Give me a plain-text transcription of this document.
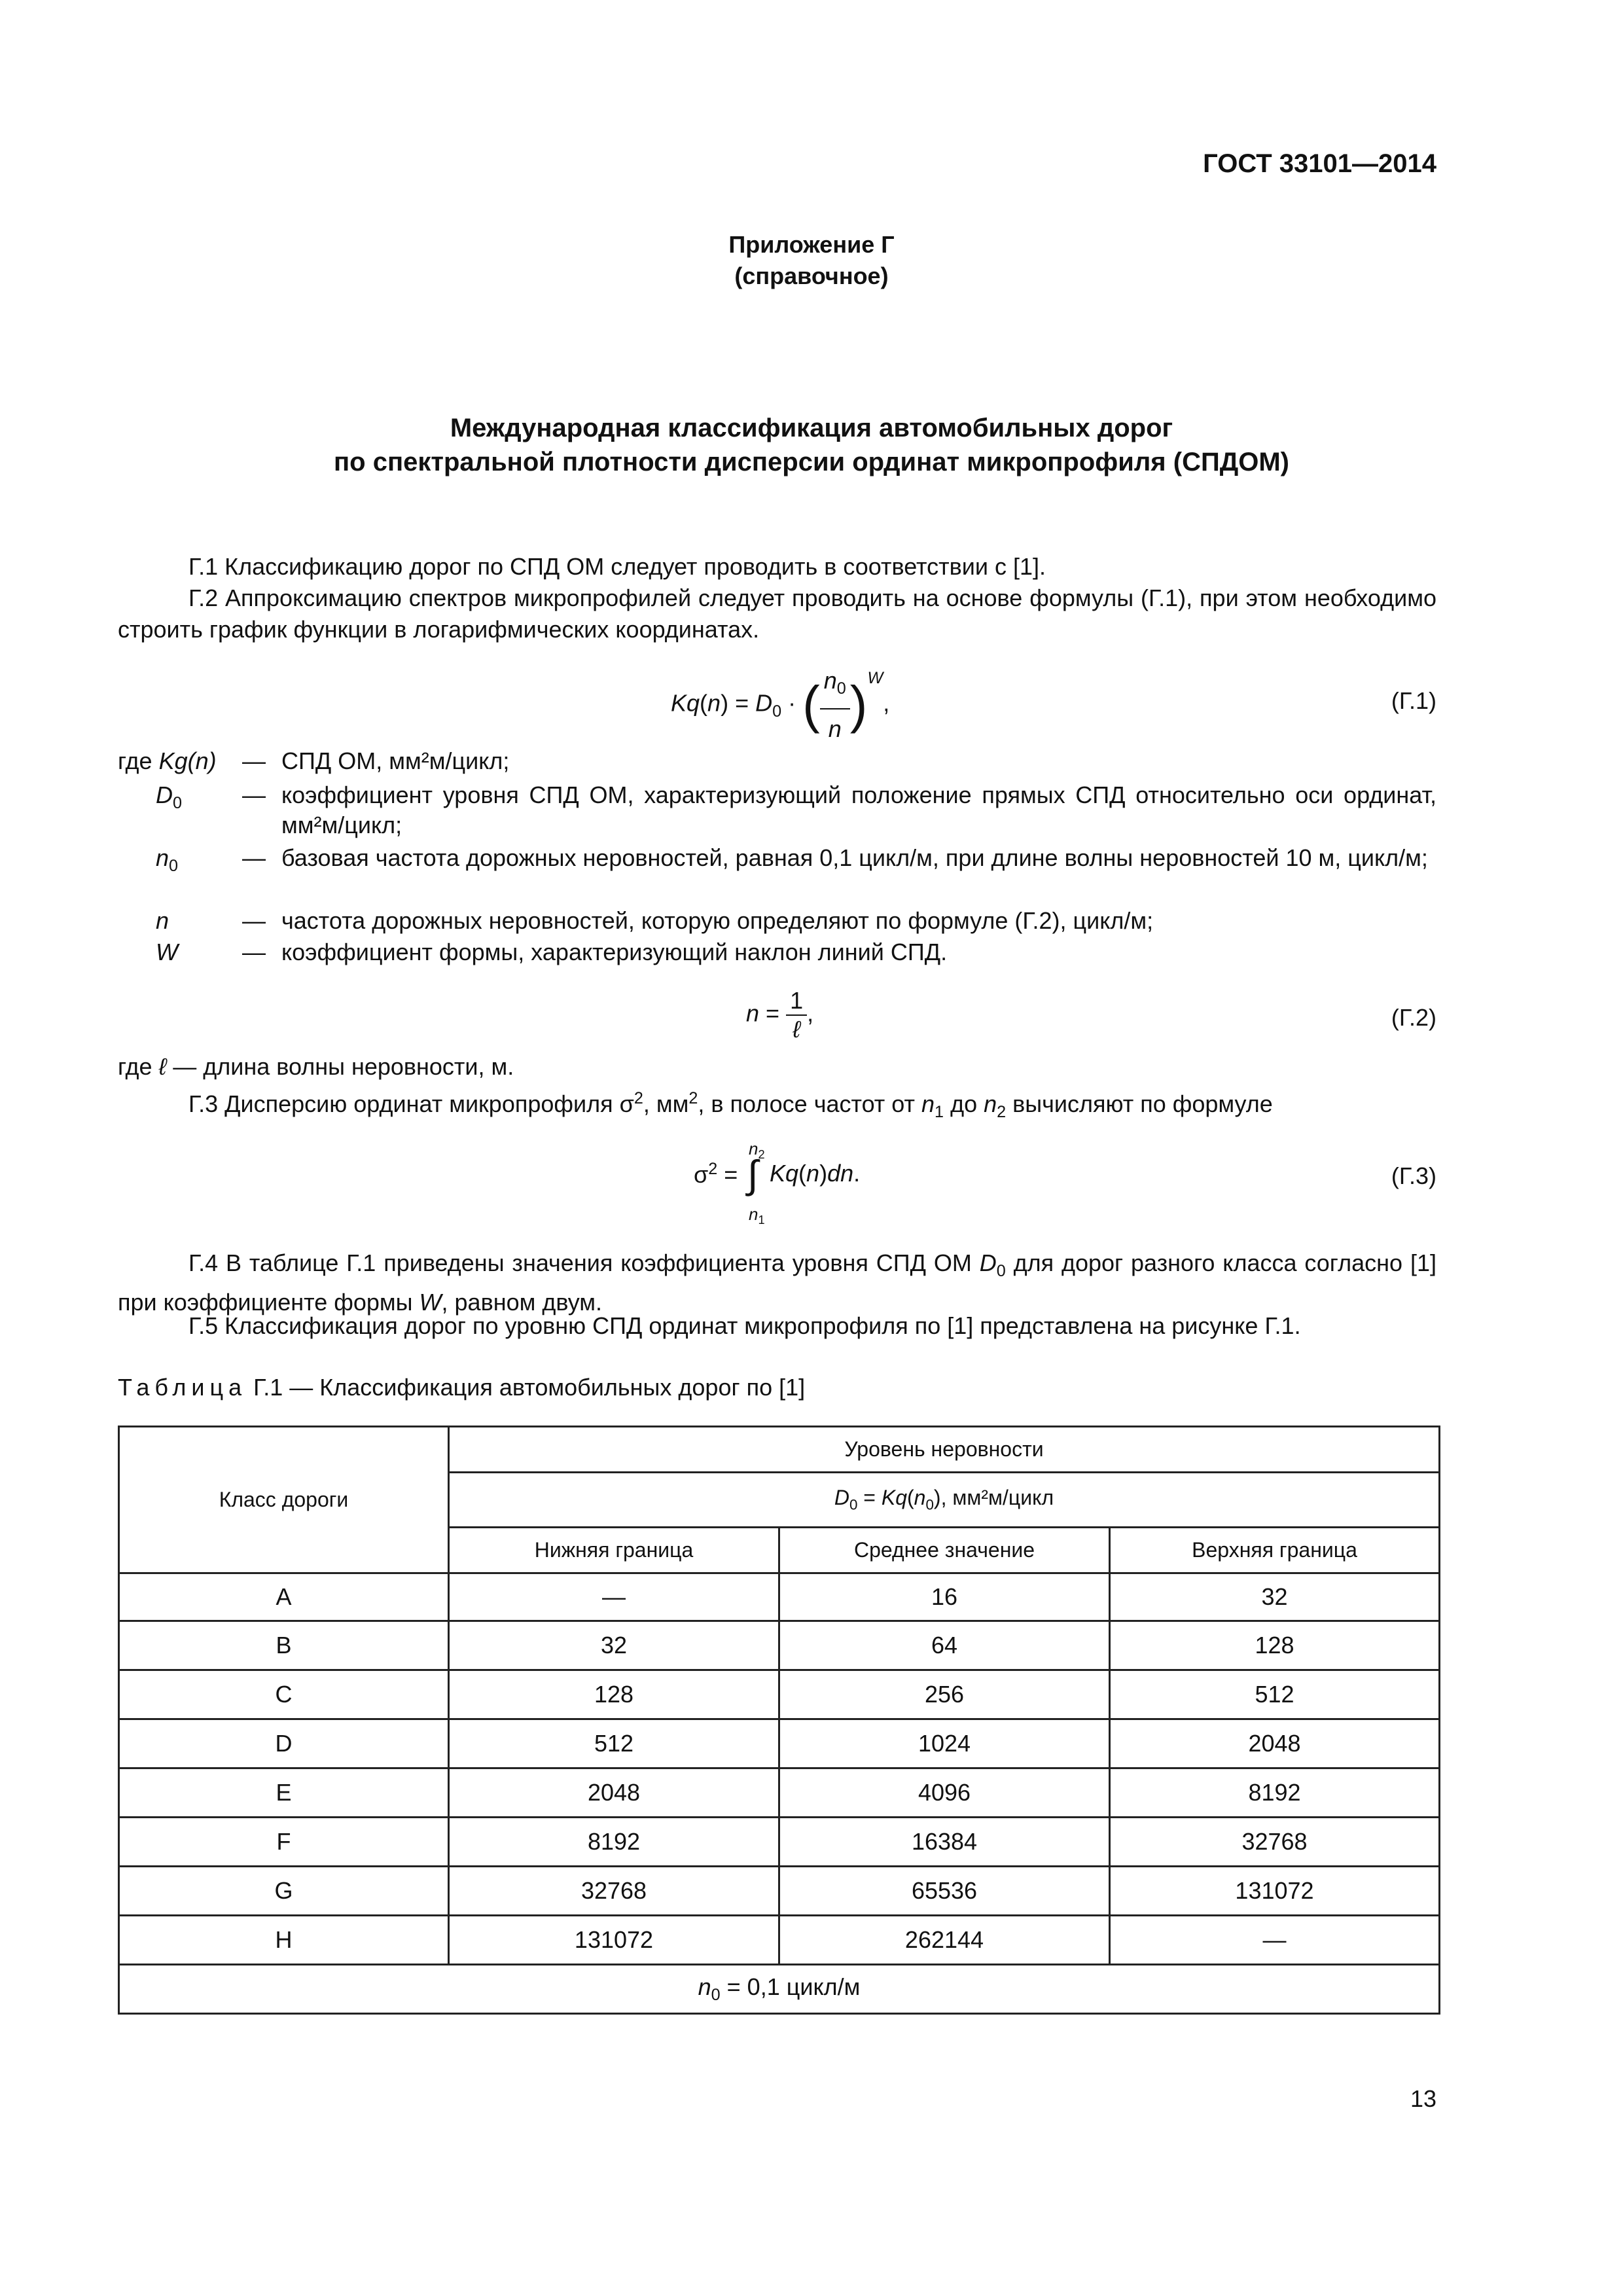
ГОСТ 33101—2014
Приложение Г
(справочное)
Международная классификация автомобильных дорог
по спектральной плотности дисперсии ординат микропрофиля (СПДОМ)
Г.1 Классификацию дорог по СПД ОМ следует проводить в соответствии с [1].
Г.2 Аппроксимацию спектров микропрофилей следует проводить на основе формулы (Г.1), при этом необходимо строить график функции в логарифмических координатах.
$Kq(n) = D_0$ · ( $\frac{n_0}{n} )^W$,	(Г.1)
где Kg(n)	— СПД ОМ, мм²м/цикл;
$D_0$	— коэффициент уровня СПД ОМ, характеризующий положение прямых СПД относительно оси ординат, мм²м/цикл;
$n_0$	— базовая частота дорожных неровностей, равная 0,1 цикл/м, при длине волны неровностей 10 м, цикл/м;
n	— частота дорожных неровностей, которую определяют по формуле (Г.2), цикл/м;
W	— коэффициент формы, характеризующий наклон линий СПД.
$n = \frac{1}{\text{ℓ}}$ ,	(Г.2)
где ℓ — длина волны неровности, м.
Г.3 Дисперсию ординат микропрофиля $\sigma^2$, $мм^2$, в полосе частот от $n_1$ до $n_2$ вычисляют по формуле
$\sigma^2$ =
$n_2$
∫
$n_1$
Kq(n)dn.	(Г.3)
Г.4 В таблице Г.1 приведены значения коэффициента уровня СПД ОМ $D_0$ для дорог разного класса согласно [1] при коэффициенте формы W, равном двум.
Г.5 Классификация дорог по уровню СПД ординат микропрофиля по [1] представлена на рисунке Г.1.
Таблица Г.1 — Классификация автомобильных дорог по [1]
Класс дороги	Уровень неровности		
	$D_0 = Kq(n_0)$, мм²м/цикл		
	Нижняя граница	Среднее значение	Верхняя граница
A	—	16	32
B	32	64	128
C	128	256	512
D	512	1024	2048
E	2048	4096	8192
F	8192	16384	32768
G	32768	65536	131072
H	131072	262144	—
$n_0 = 0,1$ цикл/м			
13
